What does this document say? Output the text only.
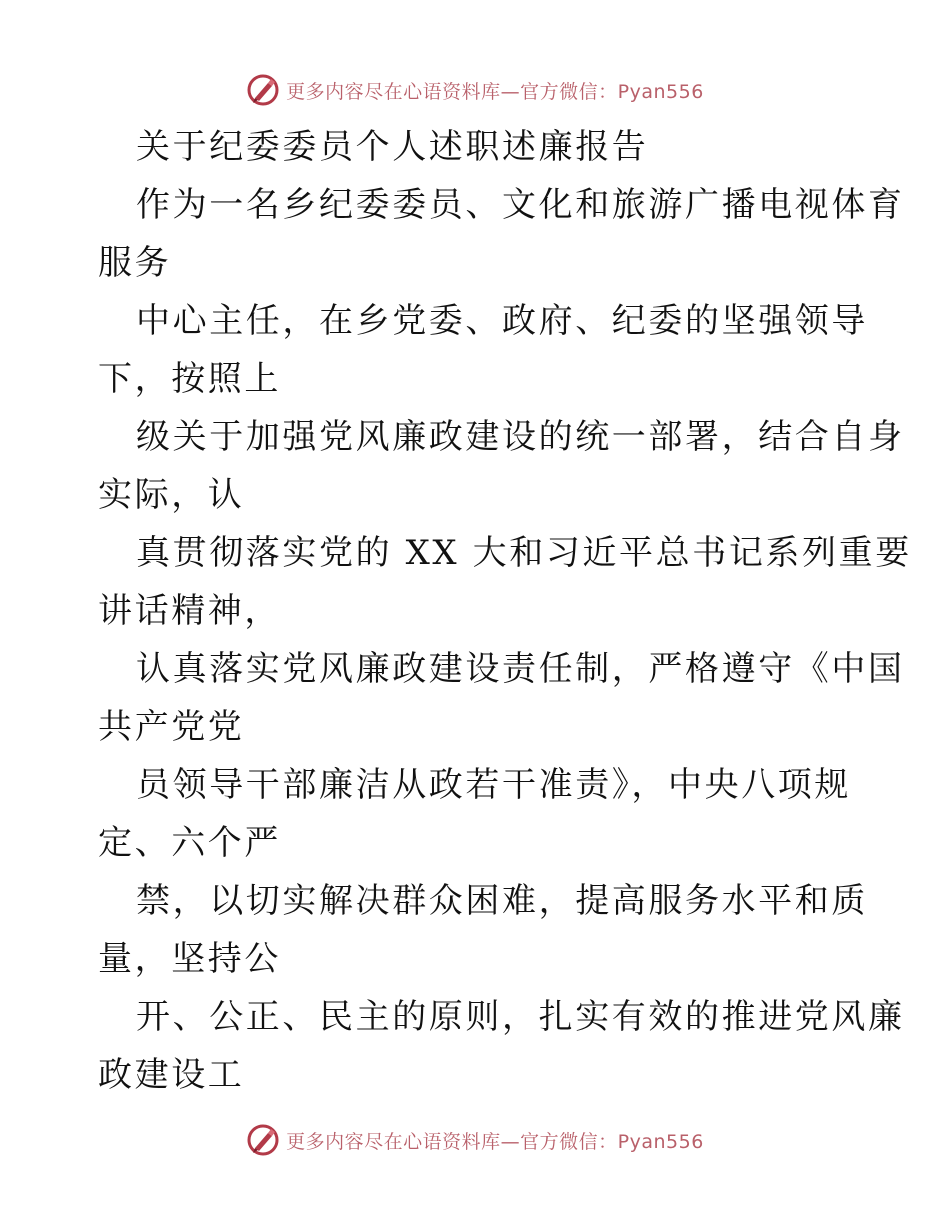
更多内容尽在心语资料库—官方微信：Pyan556
关于纪委委员个人述职述廉报告
作为一名乡纪委委员、文化和旅游广播电视体育
服务
中心主任，在乡党委、政府、纪委的坚强领导
下，按照上
级关于加强党风廉政建设的统一部署，结合自身
实际，认
真贯彻落实党的 XX 大和习近平总书记系列重要
讲话精神，
认真落实党风廉政建设责任制，严格遵守《中国
共产党党
员领导干部廉洁从政若干准责》，中央八项规
定、六个严
禁，以切实解决群众困难，提高服务水平和质
量，坚持公
开、公正、民主的原则，扎实有效的推进党风廉
政建设工
更多内容尽在心语资料库—官方微信：Pyan556
